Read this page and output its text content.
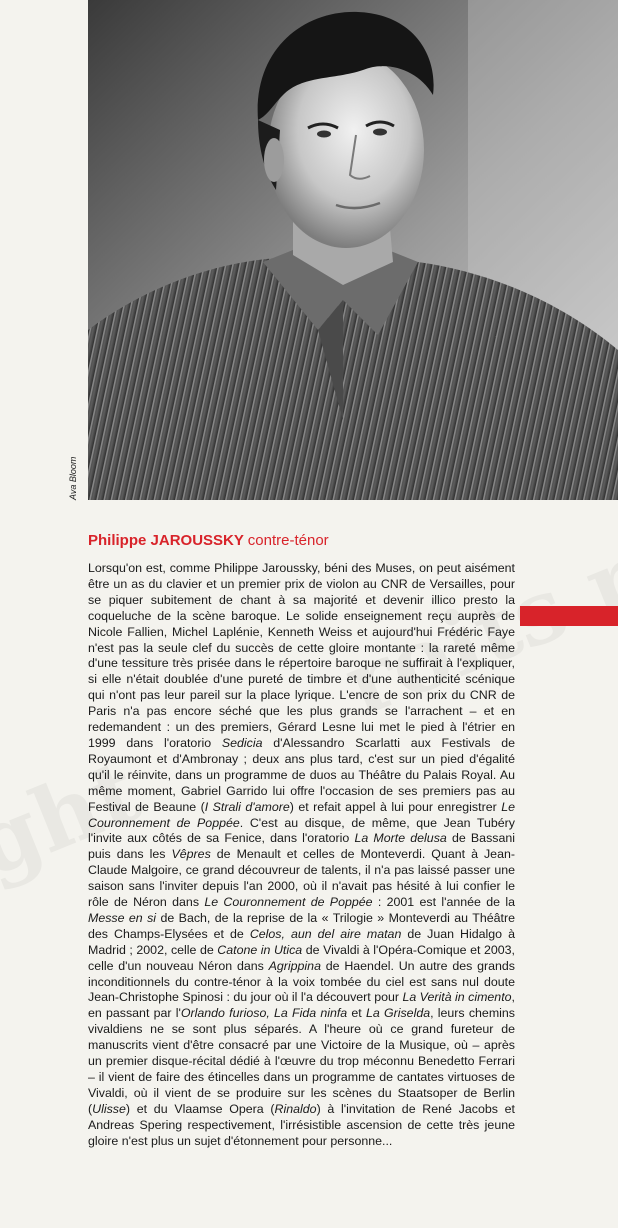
Ava Bloom
Philippe JAROUSSKY contre-ténor

Lorsqu'on est, comme Philippe Jaroussky, béni des Muses, on peut aisément être un as du clavier et un premier prix de violon au CNR de Versailles, pour se piquer subitement de chant à sa majorité et devenir illico presto la coqueluche de la scène baroque. Le solide enseignement reçu auprès de Nicole Fallien, Michel Laplénie, Kenneth Weiss et aujourd'hui Frédéric Faye n'est pas la seule clef du succès de cette gloire montante : la rareté même d'une tessiture très prisée dans le répertoire baroque ne suffirait à l'expliquer, si elle n'était doublée d'une pureté de timbre et d'une authenticité scénique qui n'ont pas leur pareil sur la place lyrique. L'encre de son prix du CNR de Paris n'a pas encore séché que les plus grands se l'arrachent – et en redemandent : un des premiers, Gérard Lesne lui met le pied à l'étrier en 1999 dans l'oratorio Sedicia d'Alessandro Scarlatti aux Festivals de Royaumont et d'Ambronay ; deux ans plus tard, c'est sur un pied d'égalité qu'il le réinvite, dans un programme de duos au Théâtre du Palais Royal. Au même moment, Gabriel Garrido lui offre l'occasion de ses premiers pas au Festival de Beaune (I Strali d'amore) et refait appel à lui pour enregistrer Le Couronnement de Poppée. C'est au disque, de même, que Jean Tubéry l'invite aux côtés de sa Fenice, dans l'oratorio La Morte delusa de Bassani puis dans les Vêpres de Menault et celles de Monteverdi. Quant à Jean-Claude Malgoire, ce grand découvreur de talents, il n'a pas laissé passer une saison sans l'inviter depuis l'an 2000, où il n'avait pas hésité à lui confier le rôle de Néron dans Le Couronnement de Poppée : 2001 est l'année de la Messe en si de Bach, de la reprise de la « Trilogie » Monteverdi au Théâtre des Champs-Elysées et de Celos, aun del aire matan de Juan Hidalgo à Madrid ; 2002, celle de Catone in Utica de Vivaldi à l'Opéra-Comique et 2003, celle d'un nouveau Néron dans Agrippina de Haendel. Un autre des grands inconditionnels du contre-ténor à la voix tombée du ciel est sans nul doute Jean-Christophe Spinosi : du jour où il l'a découvert pour La Verità in cimento, en passant par l'Orlando furioso, La Fida ninfa et La Griselda, leurs chemins vivaldiens ne se sont plus séparés. A l'heure où ce grand fureteur de manuscrits vient d'être consacré par une Victoire de la Musique, où – après un premier disque-récital dédié à l'œuvre du trop méconnu Benedetto Ferrari – il vient de faire des étincelles dans un programme de cantates virtuoses de Vivaldi, où il vient de se produire sur les scènes du Staatsoper de Berlin (Ulisse) et du Vlaamse Opera (Rinaldo) à l'invitation de René Jacobs et Andreas Spering respectivement, l'irrésistible ascension de cette très jeune gloire n'est plus un sujet d'étonnement pour personne...
